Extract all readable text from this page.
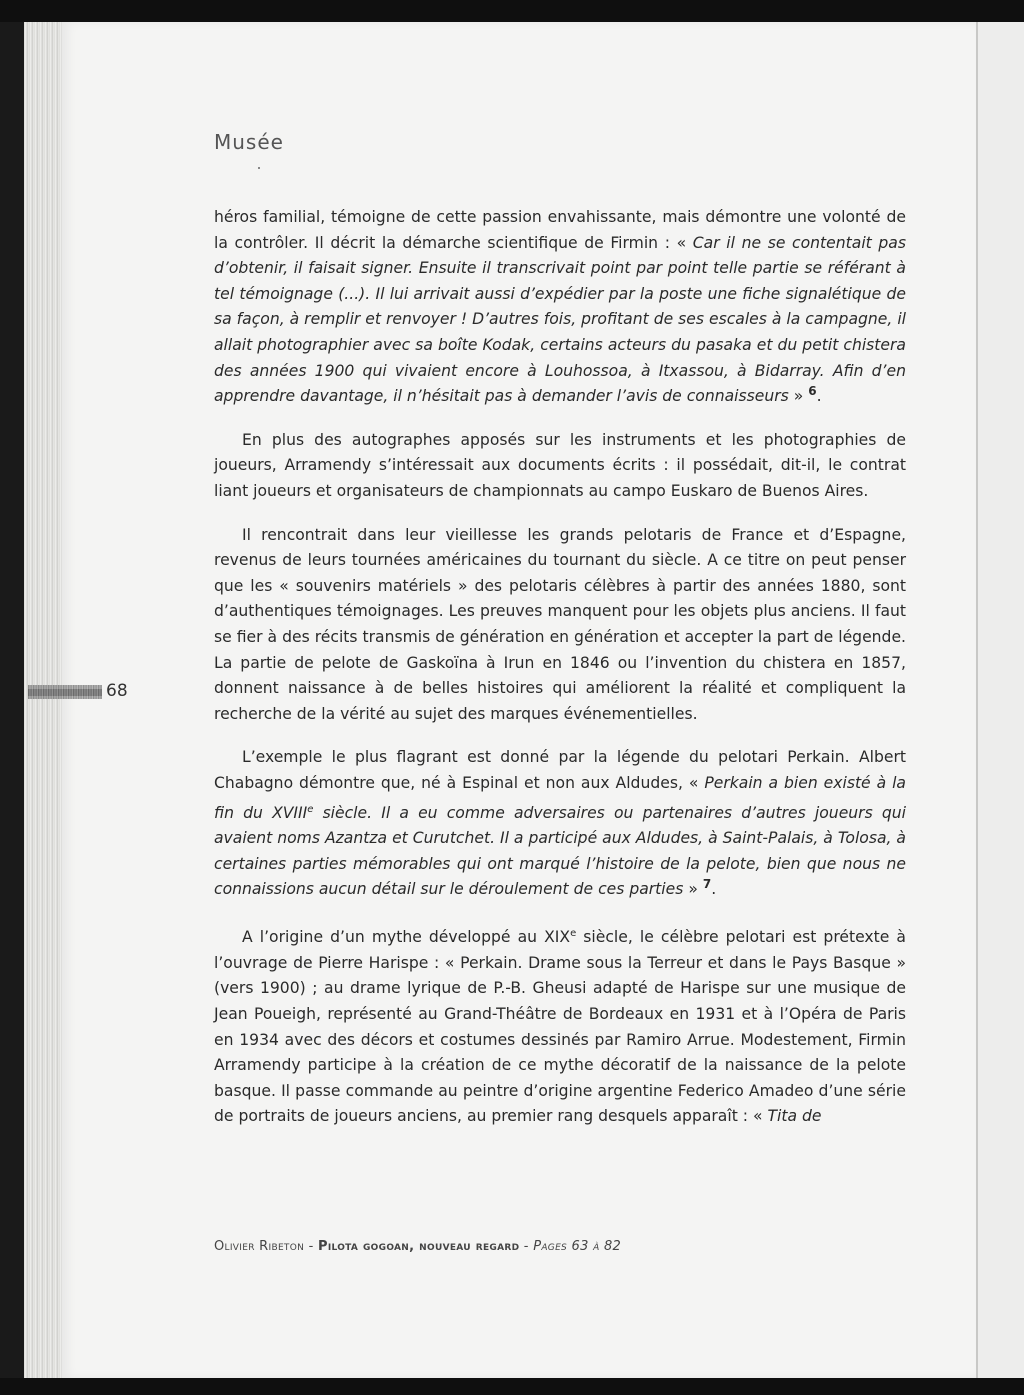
Musée

héros familial, témoigne de cette passion envahissante, mais démontre une volonté de la contrôler. Il décrit la démarche scientifique de Firmin : « Car il ne se contentait pas d’obtenir, il faisait signer. Ensuite il transcrivait point par point telle partie se référant à tel témoignage (...). Il lui arrivait aussi d’expédier par la poste une fiche signalétique de sa façon, à remplir et renvoyer ! D’autres fois, profitant de ses escales à la campagne, il allait photographier avec sa boîte Kodak, certains acteurs du pasaka et du petit chistera des années 1900 qui vivaient encore à Louhossoa, à Itxassou, à Bidarray. Afin d’en apprendre davantage, il n’hésitait pas à demander l’avis de connaisseurs » $^6$.

En plus des autographes apposés sur les instruments et les photographies de joueurs, Arramendy s’intéressait aux documents écrits : il possédait, dit-il, le contrat liant joueurs et organisateurs de championnats au campo Euskaro de Buenos Aires.

Il rencontrait dans leur vieillesse les grands pelotaris de France et d’Espagne, revenus de leurs tournées américaines du tournant du siècle. A ce titre on peut penser que les « souvenirs matériels » des pelotaris célèbres à partir des années 1880, sont d’authentiques témoignages. Les preuves manquent pour les objets plus anciens. Il faut se fier à des récits transmis de génération en génération et accepter la part de légende. La partie de pelote de Gaskoïna à Irun en 1846 ou l’invention du chistera en 1857, donnent naissance à de belles histoires qui améliorent la réalité et compliquent la recherche de la vérité au sujet des marques événementielles.

L’exemple le plus flagrant est donné par la légende du pelotari Perkain. Albert Chabagno démontre que, né à Espinal et non aux Aldudes, « Perkain a bien existé à la fin du XVIIIe siècle. Il a eu comme adversaires ou partenaires d’autres joueurs qui avaient noms Azantza et Curutchet. Il a participé aux Aldudes, à Saint-Palais, à Tolosa, à certaines parties mémorables qui ont marqué l’histoire de la pelote, bien que nous ne connaissions aucun détail sur le déroulement de ces parties » $^7$.

A l’origine d’un mythe développé au XIXe siècle, le célèbre pelotari est prétexte à l’ouvrage de Pierre Harispe : « Perkain. Drame sous la Terreur et dans le Pays Basque » (vers 1900) ; au drame lyrique de P.-B. Gheusi adapté de Harispe sur une musique de Jean Poueigh, représenté au Grand-Théâtre de Bordeaux en 1931 et à l’Opéra de Paris en 1934 avec des décors et costumes dessinés par Ramiro Arrue. Modestement, Firmin Arramendy participe à la création de ce mythe décoratif de la naissance de la pelote basque. Il passe commande au peintre d’origine argentine Federico Amadeo d’une série de portraits de joueurs anciens, au premier rang desquels apparaît : « Tita de

68
Olivier Ribeton - Pilota gogoan, nouveau regard - Pages 63 à 82
